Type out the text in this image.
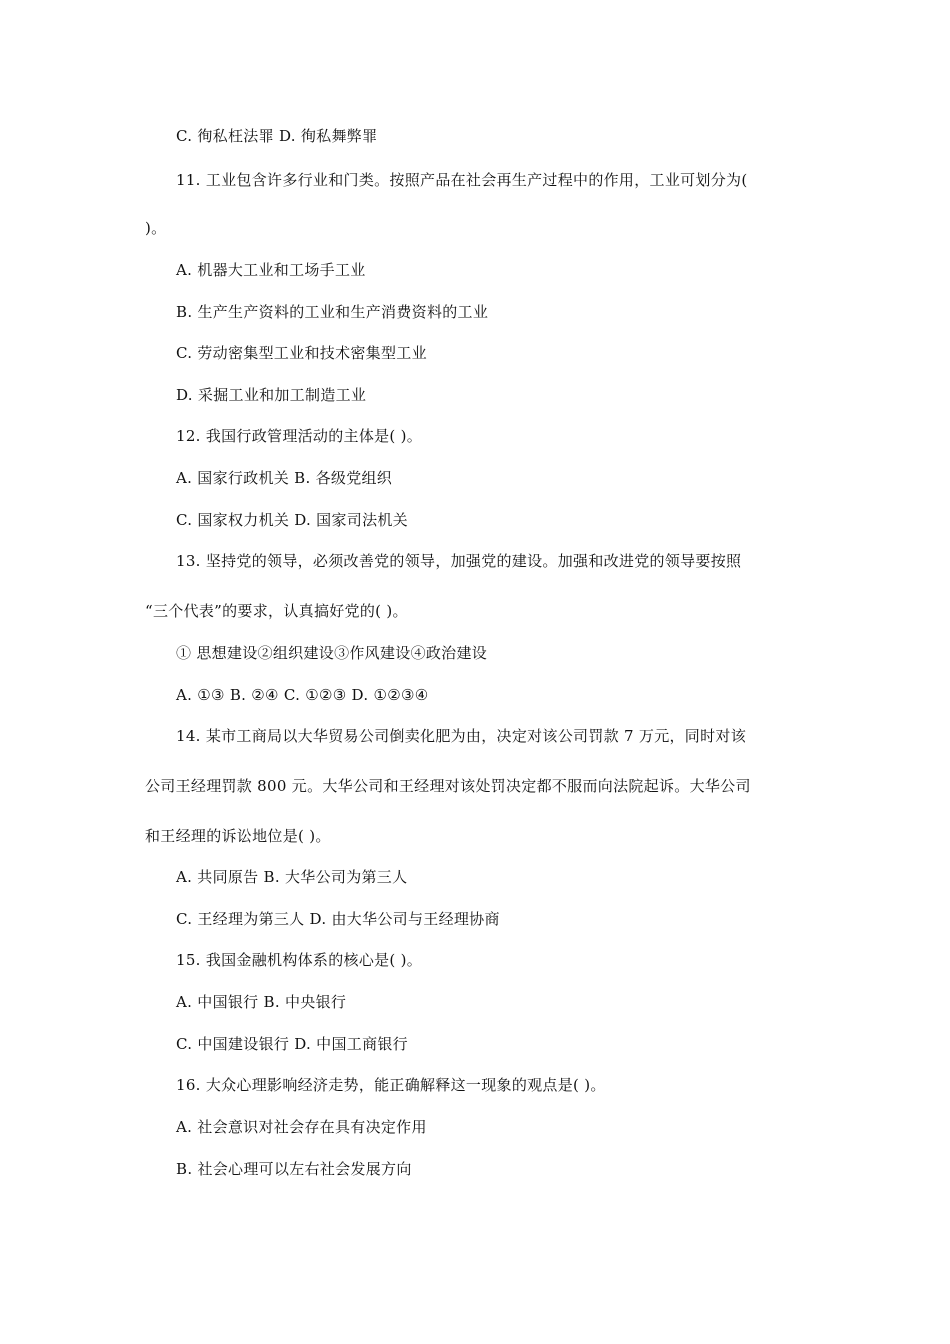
C. 徇私枉法罪 D. 徇私舞弊罪
11. 工业包含许多行业和门类。按照产品在社会再生产过程中的作用，工业可划分为(
)。
A. 机器大工业和工场手工业
B. 生产生产资料的工业和生产消费资料的工业
C. 劳动密集型工业和技术密集型工业
D. 采掘工业和加工制造工业
12. 我国行政管理活动的主体是( )。
A. 国家行政机关 B. 各级党组织
C. 国家权力机关 D. 国家司法机关
13. 坚持党的领导，必须改善党的领导，加强党的建设。加强和改进党的领导要按照
“三个代表”的要求，认真搞好党的( )。
① 思想建设②组织建设③作风建设④政治建设
A. ①③ B. ②④ C. ①②③ D. ①②③④
14. 某市工商局以大华贸易公司倒卖化肥为由，决定对该公司罚款 7 万元，同时对该
公司王经理罚款 800 元。大华公司和王经理对该处罚决定都不服而向法院起诉。大华公司
和王经理的诉讼地位是( )。
A. 共同原告 B. 大华公司为第三人
C. 王经理为第三人 D. 由大华公司与王经理协商
15. 我国金融机构体系的核心是( )。
A. 中国银行 B. 中央银行
C. 中国建设银行 D. 中国工商银行
16. 大众心理影响经济走势，能正确解释这一现象的观点是( )。
A. 社会意识对社会存在具有决定作用
B. 社会心理可以左右社会发展方向
